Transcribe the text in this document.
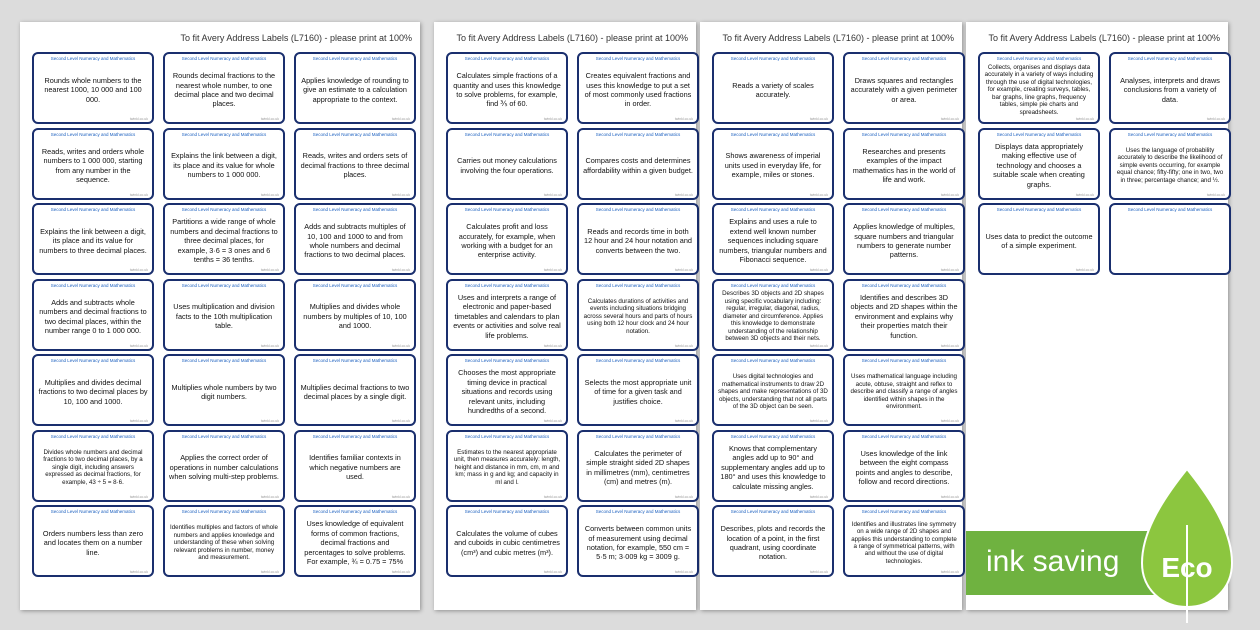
To fit Avery Address Labels (L7160) - please print at 100%
Second Level Numeracy and Mathematics
Rounds whole numbers to the nearest 1000, 10 000 and 100 000.
twinkl.co.uk
Second Level Numeracy and Mathematics
Rounds decimal fractions to the nearest whole number, to one decimal place and two decimal places.
twinkl.co.uk
Second Level Numeracy and Mathematics
Applies knowledge of rounding to give an estimate to a calculation appropriate to the context.
twinkl.co.uk
Second Level Numeracy and Mathematics
Reads, writes and orders whole numbers to 1 000 000, starting from any number in the sequence.
twinkl.co.uk
Second Level Numeracy and Mathematics
Explains the link between a digit, its place and its value for whole numbers to 1 000 000.
twinkl.co.uk
Second Level Numeracy and Mathematics
Reads, writes and orders sets of decimal fractions to three decimal places.
twinkl.co.uk
Second Level Numeracy and Mathematics
Explains the link between a digit, its place and its value for numbers to three decimal places.
twinkl.co.uk
Second Level Numeracy and Mathematics
Partitions a wide range of whole numbers and decimal fractions to three decimal places, for example, 3·6 = 3 ones and 6 tenths = 36 tenths.
twinkl.co.uk
Second Level Numeracy and Mathematics
Adds and subtracts multiples of 10, 100 and 1000 to and from whole numbers and decimal fractions to two decimal places.
twinkl.co.uk
Second Level Numeracy and Mathematics
Adds and subtracts whole numbers and decimal fractions to two decimal places, within the number range 0 to 1 000 000.
twinkl.co.uk
Second Level Numeracy and Mathematics
Uses multiplication and division facts to the 10th multiplication table.
twinkl.co.uk
Second Level Numeracy and Mathematics
Multiplies and divides whole numbers by multiples of 10, 100 and 1000.
twinkl.co.uk
Second Level Numeracy and Mathematics
Multiplies and divides decimal fractions to two decimal places by 10, 100 and 1000.
twinkl.co.uk
Second Level Numeracy and Mathematics
Multiplies whole numbers by two digit numbers.
twinkl.co.uk
Second Level Numeracy and Mathematics
Multiplies decimal fractions to two decimal places by a single digit.
twinkl.co.uk
Second Level Numeracy and Mathematics
Divides whole numbers and decimal fractions to two decimal places, by a single digit, including answers expressed as decimal fractions, for example, 43 ÷ 5 = 8·6.
twinkl.co.uk
Second Level Numeracy and Mathematics
Applies the correct order of operations in number calculations when solving multi-step problems.
twinkl.co.uk
Second Level Numeracy and Mathematics
Identifies familiar contexts in which negative numbers are used.
twinkl.co.uk
Second Level Numeracy and Mathematics
Orders numbers less than zero and locates them on a number line.
twinkl.co.uk
Second Level Numeracy and Mathematics
Identifies multiples and factors of whole numbers and applies knowledge and understanding of these when solving relevant problems in number, money and measurement.
twinkl.co.uk
Second Level Numeracy and Mathematics
Uses knowledge of equivalent forms of common fractions, decimal fractions and percentages to solve problems. For example, ¾ = 0.75 = 75%
twinkl.co.uk
To fit Avery Address Labels (L7160) - please print at 100%
Second Level Numeracy and Mathematics
Calculates simple fractions of a quantity and uses this knowledge to solve problems, for example, find ⅗ of 60.
twinkl.co.uk
Second Level Numeracy and Mathematics
Creates equivalent fractions and uses this knowledge to put a set of most commonly used fractions in order.
twinkl.co.uk
Second Level Numeracy and Mathematics
Carries out money calculations involving the four operations.
twinkl.co.uk
Second Level Numeracy and Mathematics
Compares costs and determines affordability within a given budget.
twinkl.co.uk
Second Level Numeracy and Mathematics
Calculates profit and loss accurately, for example, when working with a budget for an enterprise activity.
twinkl.co.uk
Second Level Numeracy and Mathematics
Reads and records time in both 12 hour and 24 hour notation and converts between the two.
twinkl.co.uk
Second Level Numeracy and Mathematics
Uses and interprets a range of electronic and paper-based timetables and calendars to plan events or activities and solve real life problems.
twinkl.co.uk
Second Level Numeracy and Mathematics
Calculates durations of activities and events including situations bridging across several hours and parts of hours using both 12 hour clock and 24 hour notation.
twinkl.co.uk
Second Level Numeracy and Mathematics
Chooses the most appropriate timing device in practical situations and records using relevant units, including hundredths of a second.
twinkl.co.uk
Second Level Numeracy and Mathematics
Selects the most appropriate unit of time for a given task and justifies choice.
twinkl.co.uk
Second Level Numeracy and Mathematics
Estimates to the nearest appropriate unit, then measures accurately: length, height and distance in mm, cm, m and km; mass in g and kg; and capacity in ml and l.
twinkl.co.uk
Second Level Numeracy and Mathematics
Calculates the perimeter of simple straight sided 2D shapes in millimetres (mm), centimetres (cm) and metres (m).
twinkl.co.uk
Second Level Numeracy and Mathematics
Calculates the volume of cubes and cuboids in cubic centimetres (cm³) and cubic metres (m³).
twinkl.co.uk
Second Level Numeracy and Mathematics
Converts between common units of measurement using decimal notation, for example, 550 cm = 5·5 m; 3·009 kg = 3009 g.
twinkl.co.uk
To fit Avery Address Labels (L7160) - please print at 100%
Second Level Numeracy and Mathematics
Reads a variety of scales accurately.
twinkl.co.uk
Second Level Numeracy and Mathematics
Draws squares and rectangles accurately with a given perimeter or area.
twinkl.co.uk
Second Level Numeracy and Mathematics
Shows awareness of imperial units used in everyday life, for example, miles or stones.
twinkl.co.uk
Second Level Numeracy and Mathematics
Researches and presents examples of the impact mathematics has in the world of life and work.
twinkl.co.uk
Second Level Numeracy and Mathematics
Explains and uses a rule to extend well known number sequences including square numbers, triangular numbers and Fibonacci sequence.
twinkl.co.uk
Second Level Numeracy and Mathematics
Applies knowledge of multiples, square numbers and triangular numbers to generate number patterns.
twinkl.co.uk
Second Level Numeracy and Mathematics
Describes 3D objects and 2D shapes using specific vocabulary including: regular, irregular, diagonal, radius, diameter and circumference. Applies this knowledge to demonstrate understanding of the relationship between 3D objects and their nets.
twinkl.co.uk
Second Level Numeracy and Mathematics
Identifies and describes 3D objects and 2D shapes within the environment and explains why their properties match their function.
twinkl.co.uk
Second Level Numeracy and Mathematics
Uses digital technologies and mathematical instruments to draw 2D shapes and make representations of 3D objects, understanding that not all parts of the 3D object can be seen.
twinkl.co.uk
Second Level Numeracy and Mathematics
Uses mathematical language including acute, obtuse, straight and reflex to describe and classify a range of angles identified within shapes in the environment.
twinkl.co.uk
Second Level Numeracy and Mathematics
Knows that complementary angles add up to 90° and supplementary angles add up to 180° and uses this knowledge to calculate missing angles.
twinkl.co.uk
Second Level Numeracy and Mathematics
Uses knowledge of the link between the eight compass points and angles to describe, follow and record directions.
twinkl.co.uk
Second Level Numeracy and Mathematics
Describes, plots and records the location of a point, in the first quadrant, using coordinate notation.
twinkl.co.uk
Second Level Numeracy and Mathematics
Identifies and illustrates line symmetry on a wide range of 2D shapes and applies this understanding to complete a range of symmetrical patterns, with and without the use of digital technologies.
twinkl.co.uk
To fit Avery Address Labels (L7160) - please print at 100%
Second Level Numeracy and Mathematics
Collects, organises and displays data accurately in a variety of ways including through the use of digital technologies, for example, creating surveys, tables, bar graphs, line graphs, frequency tables, simple pie charts and spreadsheets.
twinkl.co.uk
Second Level Numeracy and Mathematics
Analyses, interprets and draws conclusions from a variety of data.
twinkl.co.uk
Second Level Numeracy and Mathematics
Displays data appropriately making effective use of technology and chooses a suitable scale when creating graphs.
twinkl.co.uk
Second Level Numeracy and Mathematics
Uses the language of probability accurately to describe the likelihood of simple events occurring, for example equal chance; fifty-fifty; one in two, two in three; percentage chance; and ½.
twinkl.co.uk
Second Level Numeracy and Mathematics
Uses data to predict the outcome of a simple experiment.
twinkl.co.uk
Second Level Numeracy and Mathematics
ink saving Eco
